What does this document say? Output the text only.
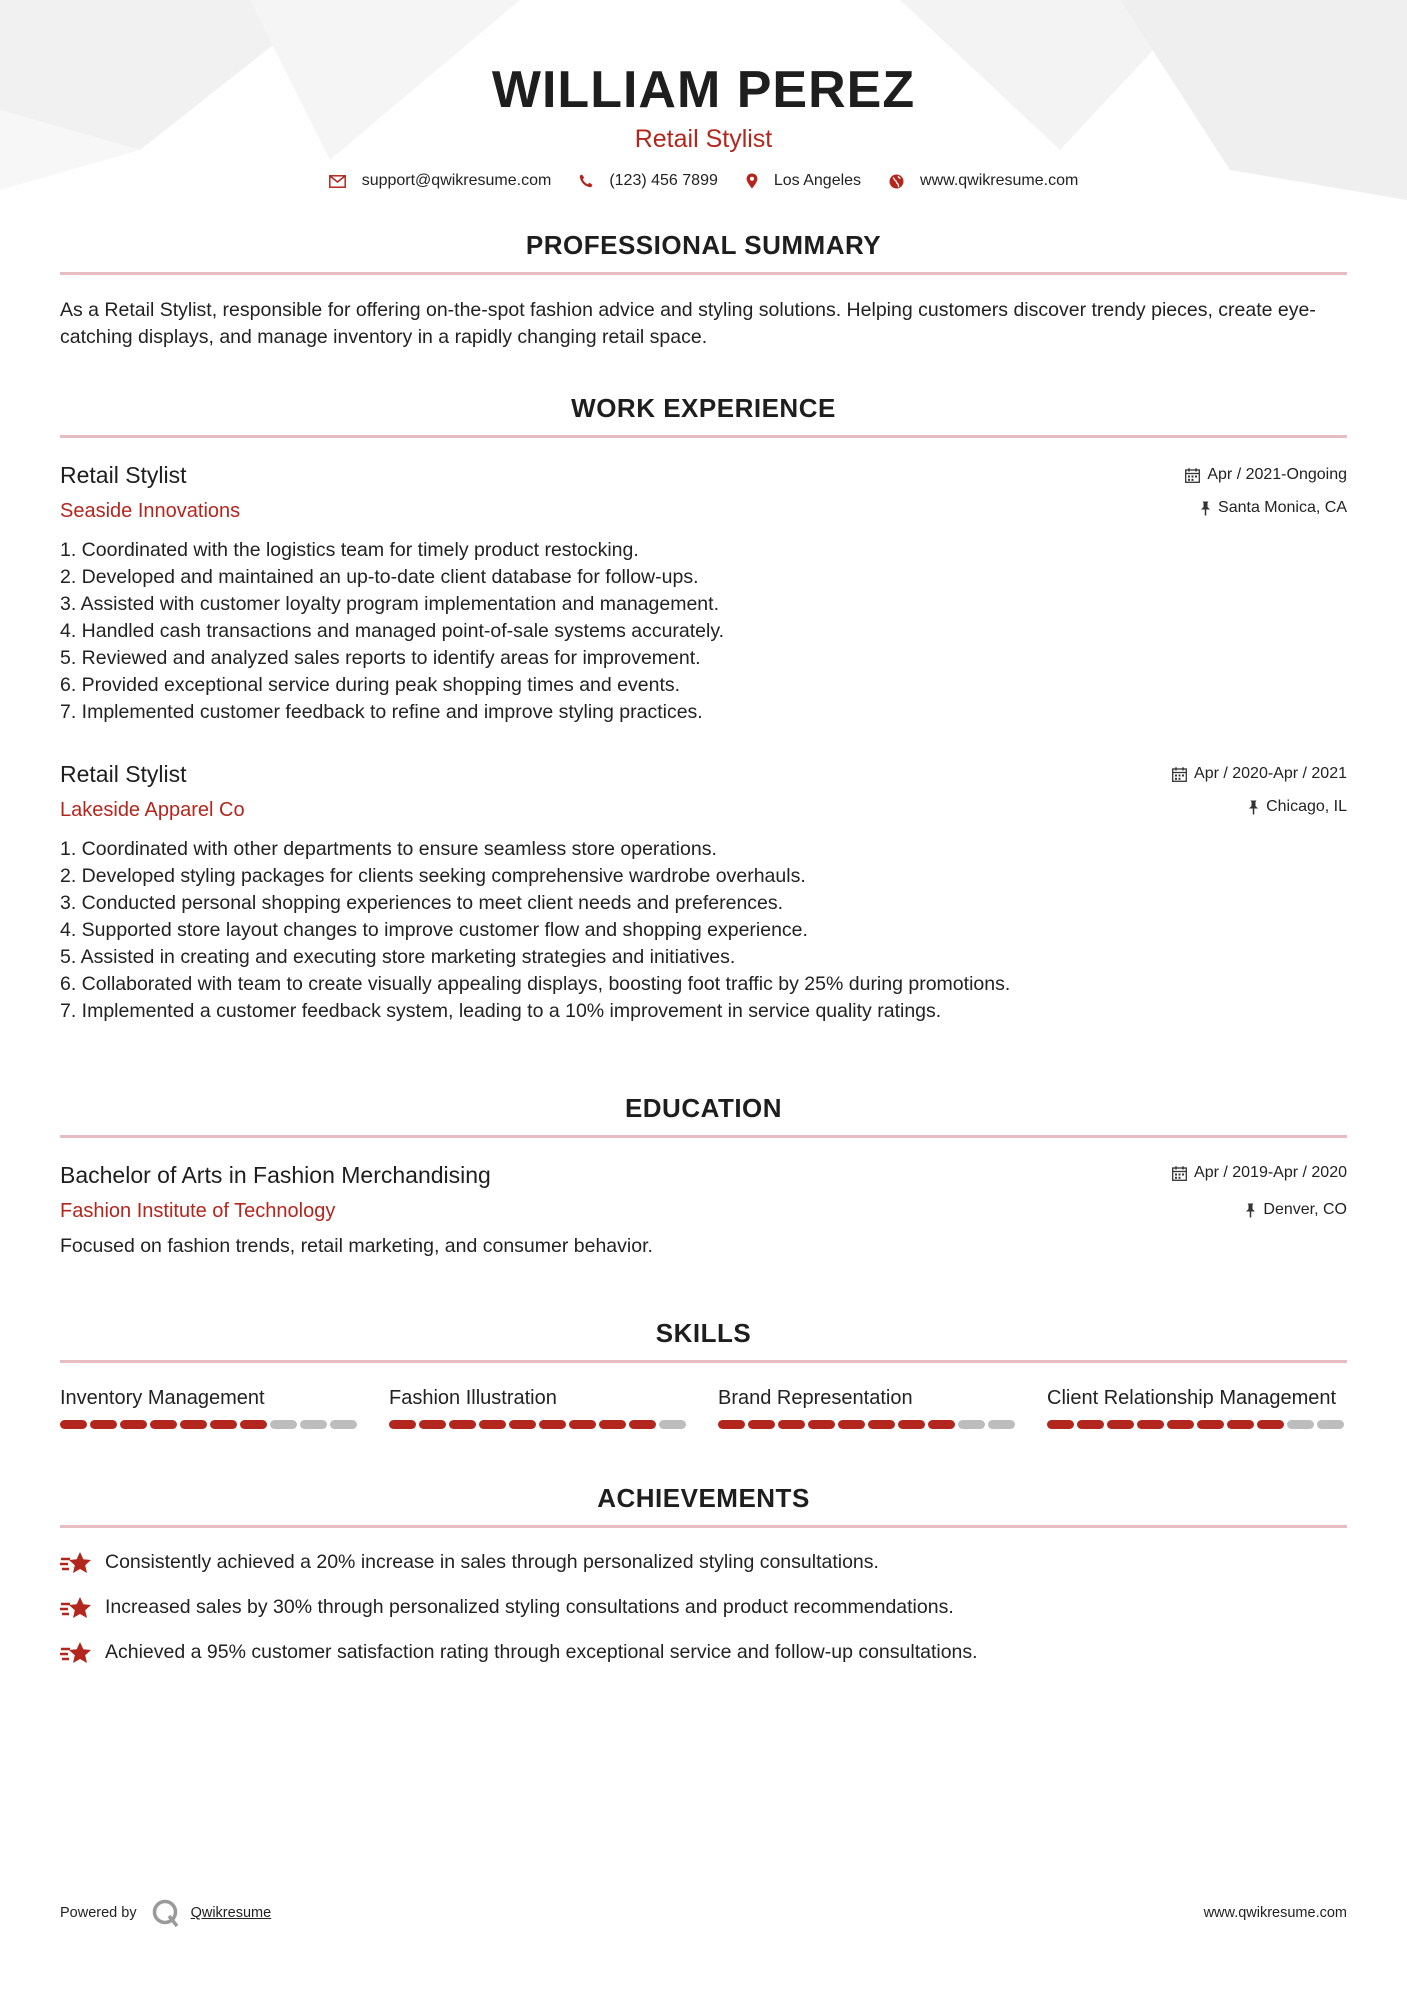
WILLIAM PEREZ
Retail Stylist
support@qwikresume.com	(123) 456 7899	Los Angeles	www.qwikresume.com
PROFESSIONAL SUMMARY

As a Retail Stylist, responsible for offering on-the-spot fashion advice and styling solutions. Helping customers discover trendy pieces, create eye-catching displays, and manage inventory in a rapidly changing retail space.

WORK EXPERIENCE
Retail Stylist
Seaside Innovations
Apr / 2021-Ongoing
Santa Monica, CA
1. Coordinated with the logistics team for timely product restocking.
2. Developed and maintained an up-to-date client database for follow-ups.
3. Assisted with customer loyalty program implementation and management.
4. Handled cash transactions and managed point-of-sale systems accurately.
5. Reviewed and analyzed sales reports to identify areas for improvement.
6. Provided exceptional service during peak shopping times and events.
7. Implemented customer feedback to refine and improve styling practices.
Retail Stylist
Lakeside Apparel Co
Apr / 2020-Apr / 2021
Chicago, IL
1. Coordinated with other departments to ensure seamless store operations.
2. Developed styling packages for clients seeking comprehensive wardrobe overhauls.
3. Conducted personal shopping experiences to meet client needs and preferences.
4. Supported store layout changes to improve customer flow and shopping experience.
5. Assisted in creating and executing store marketing strategies and initiatives.
6. Collaborated with team to create visually appealing displays, boosting foot traffic by 25% during promotions.
7. Implemented a customer feedback system, leading to a 10% improvement in service quality ratings.
EDUCATION
Bachelor of Arts in Fashion Merchandising
Fashion Institute of Technology
Apr / 2019-Apr / 2020
Denver, CO

Focused on fashion trends, retail marketing, and consumer behavior.

SKILLS
Inventory Management	Fashion Illustration	Brand Representation	Client Relationship Management
ACHIEVEMENTS
Consistently achieved a 20% increase in sales through personalized styling consultations.
Increased sales by 30% through personalized styling consultations and product recommendations.
Achieved a 95% customer satisfaction rating through exceptional service and follow-up consultations.
Powered by	Qwikresume	www.qwikresume.com
